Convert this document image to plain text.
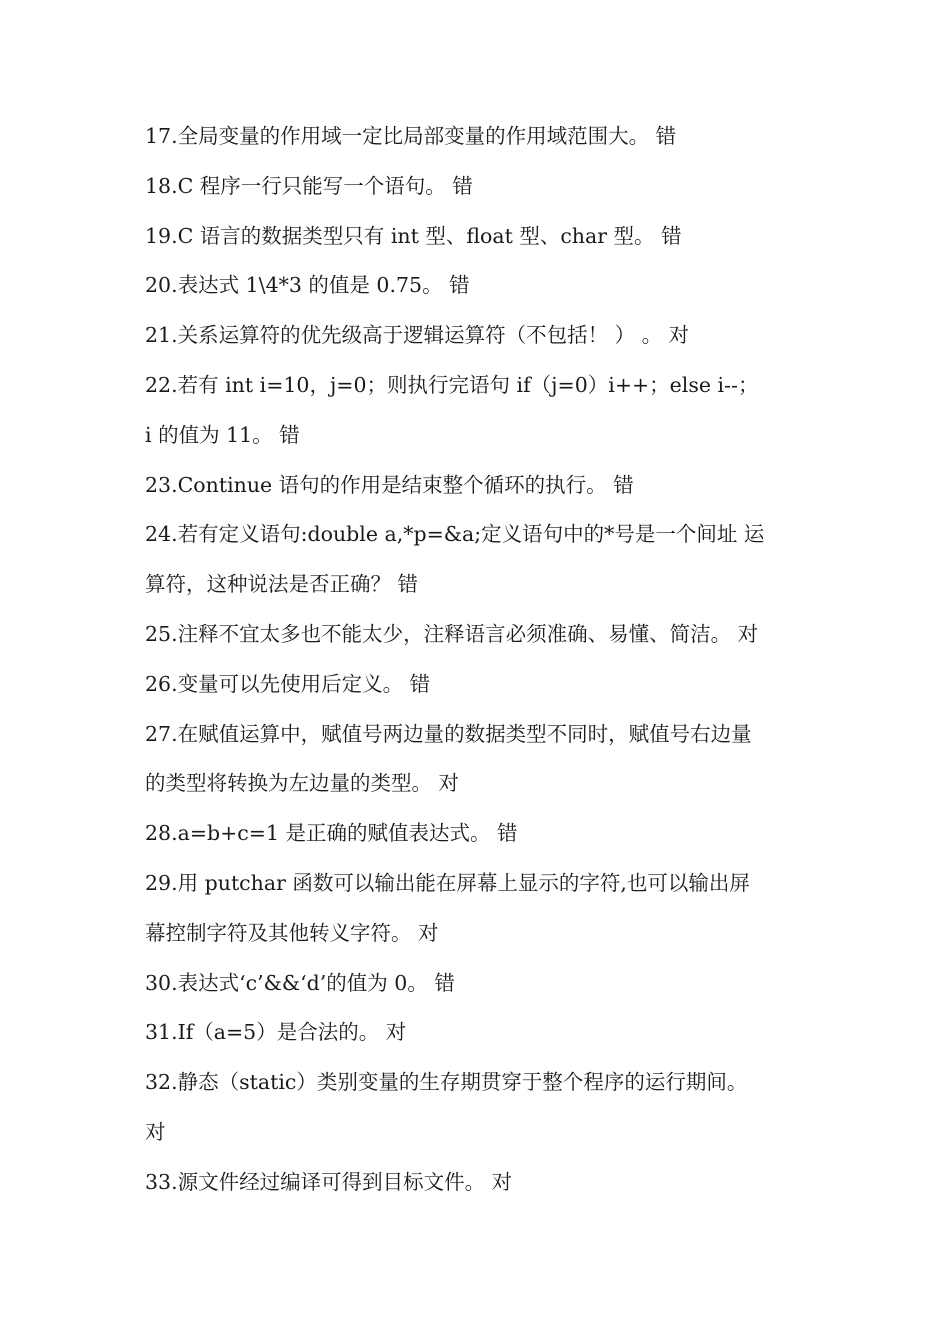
17.全局变量的作用域一定比局部变量的作用域范围大。 错
18.C 程序一行只能写一个语句。 错
19.C 语言的数据类型只有 int 型、float 型、char 型。 错
20.表达式 1\4*3 的值是 0.75。 错
21.关系运算符的优先级高于逻辑运算符（不包括！ ） 。 对
22.若有 int i=10，j=0；则执行完语句 if（j=0）i++；else i--；
i 的值为 11。 错
23.Continue 语句的作用是结束整个循环的执行。 错
24.若有定义语句:double a,*p=&a;定义语句中的*号是一个间址 运
算符，这种说法是否正确？ 错
25.注释不宜太多也不能太少，注释语言必须准确、易懂、简洁。 对
26.变量可以先使用后定义。 错
27.在赋值运算中，赋值号两边量的数据类型不同时，赋值号右边量
的类型将转换为左边量的类型。 对
28.a=b+c=1 是正确的赋值表达式。 错
29.用 putchar 函数可以输出能在屏幕上显示的字符,也可以输出屏
幕控制字符及其他转义字符。 对
30.表达式‘c’&&‘d’的值为 0。 错
31.If（a=5）是合法的。 对
32.静态（static）类别变量的生存期贯穿于整个程序的运行期间。
对
33.源文件经过编译可得到目标文件。 对
